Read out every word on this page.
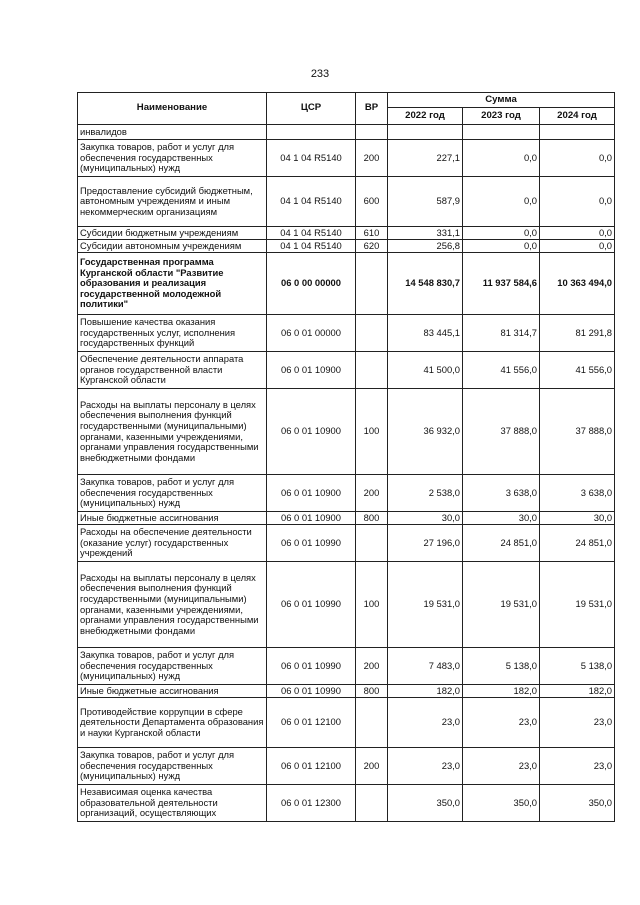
233
Наименование	ЦСР	ВР	Сумма		
			2022 год	2023 год	2024 год
инвалидов					
Закупка товаров, работ и услуг для обеспечения государственных (муниципальных) нужд	04 1 04 R5140	200	227,1	0,0	0,0
Предоставление субсидий бюджетным, автономным учреждениям и иным некоммерческим организациям	04 1 04 R5140	600	587,9	0,0	0,0
Субсидии бюджетным учреждениям	04 1 04 R5140	610	331,1	0,0	0,0
Субсидии автономным учреждениям	04 1 04 R5140	620	256,8	0,0	0,0
Государственная программа Курганской области "Развитие образования и реализация государственной молодежной политики"	06 0 00 00000		14 548 830,7	11 937 584,6	10 363 494,0
Повышение качества оказания государственных услуг, исполнения государственных функций	06 0 01 00000		83 445,1	81 314,7	81 291,8
Обеспечение деятельности аппарата органов государственной власти Курганской области	06 0 01 10900		41 500,0	41 556,0	41 556,0
Расходы на выплаты персоналу в целях обеспечения выполнения функций государственными (муниципальными) органами, казенными учреждениями, органами управления государственными внебюджетными фондами	06 0 01 10900	100	36 932,0	37 888,0	37 888,0
Закупка товаров, работ и услуг для обеспечения государственных (муниципальных) нужд	06 0 01 10900	200	2 538,0	3 638,0	3 638,0
Иные бюджетные ассигнования	06 0 01 10900	800	30,0	30,0	30,0
Расходы на обеспечение деятельности (оказание услуг) государственных учреждений	06 0 01 10990		27 196,0	24 851,0	24 851,0
Расходы на выплаты персоналу в целях обеспечения выполнения функций государственными (муниципальными) органами, казенными учреждениями, органами управления государственными внебюджетными фондами	06 0 01 10990	100	19 531,0	19 531,0	19 531,0
Закупка товаров, работ и услуг для обеспечения государственных (муниципальных) нужд	06 0 01 10990	200	7 483,0	5 138,0	5 138,0
Иные бюджетные ассигнования	06 0 01 10990	800	182,0	182,0	182,0
Противодействие коррупции в сфере деятельности Департамента образования и науки Курганской области	06 0 01 12100		23,0	23,0	23,0
Закупка товаров, работ и услуг для обеспечения государственных (муниципальных) нужд	06 0 01 12100	200	23,0	23,0	23,0
Независимая оценка качества образовательной деятельности организаций, осуществляющих	06 0 01 12300		350,0	350,0	350,0
